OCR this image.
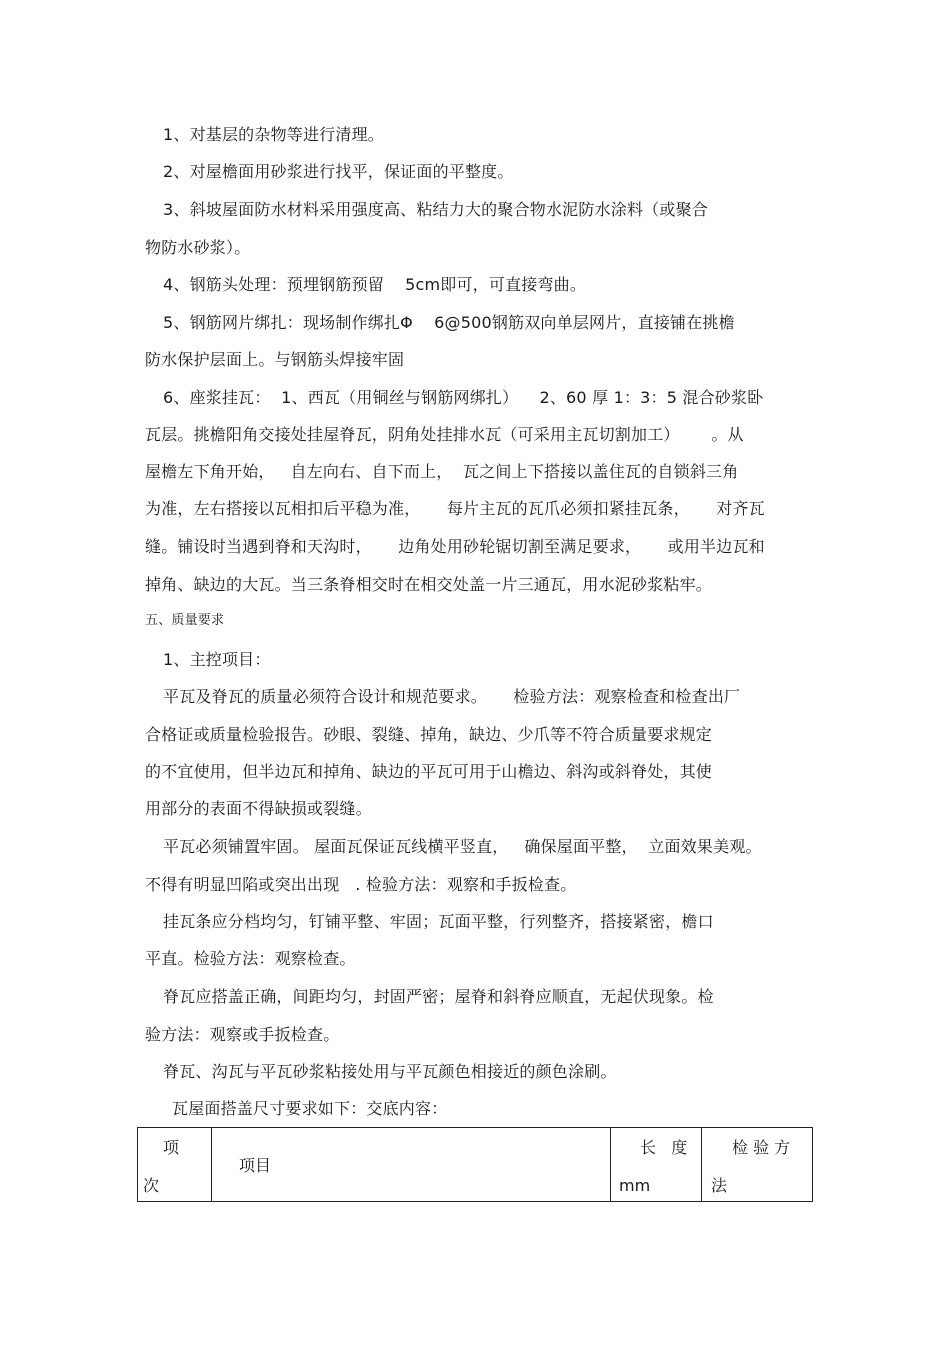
1、对基层的杂物等进行清理。
2、对屋檐面用砂浆进行找平，保证面的平整度。
3、斜坡屋面防水材料采用强度高、粘结力大的聚合物水泥防水涂料（或聚合
物防水砂浆）。
4、钢筋头处理：预埋钢筋预留    5cm即可，可直接弯曲。
5、钢筋网片绑扎：现场制作绑扎Φ    6@500钢筋双向单层网片，直接铺在挑檐
防水保护层面上。与钢筋头焊接牢固
6、座浆挂瓦：  1、西瓦（用铜丝与钢筋网绑扎）    2、60 厚 1：3：5 混合砂浆卧
瓦层。挑檐阳角交接处挂屋脊瓦，阴角处挂排水瓦（可采用主瓦切割加工）      。从
屋檐左下角开始，   自左向右、自下而上，  瓦之间上下搭接以盖住瓦的自锁斜三角
为准，左右搭接以瓦相扣后平稳为准，     每片主瓦的瓦爪必须扣紧挂瓦条，     对齐瓦
缝。铺设时当遇到脊和天沟时，     边角处用砂轮锯切割至满足要求，     或用半边瓦和
掉角、缺边的大瓦。当三条脊相交时在相交处盖一片三通瓦，用水泥砂浆粘牢。
五、质量要求
1、主控项目：
平瓦及脊瓦的质量必须符合设计和规范要求。     检验方法：观察检查和检查出厂
合格证或质量检验报告。砂眼、裂缝、掉角，缺边、少爪等不符合质量要求规定
的不宜使用，但半边瓦和掉角、缺边的平瓦可用于山檐边、斜沟或斜脊处，其使
用部分的表面不得缺损或裂缝。
平瓦必须铺置牢固。 屋面瓦保证瓦线横平竖直，   确保屋面平整，  立面效果美观。
不得有明显凹陷或突出出现   . 检验方法：观察和手扳检查。
挂瓦条应分档均匀，钉铺平整、牢固；瓦面平整，行列整齐，搭接紧密，檐口
平直。检验方法：观察检查。
脊瓦应搭盖正确，间距均匀，封固严密；屋脊和斜脊应顺直，无起伏现象。检
验方法：观察或手扳检查。
脊瓦、沟瓦与平瓦砂浆粘接处用与平瓦颜色相接近的颜色涂刷。
瓦屋面搭盖尺寸要求如下：交底内容：
项
次
项目
长   度
mm
检 验 方
法
